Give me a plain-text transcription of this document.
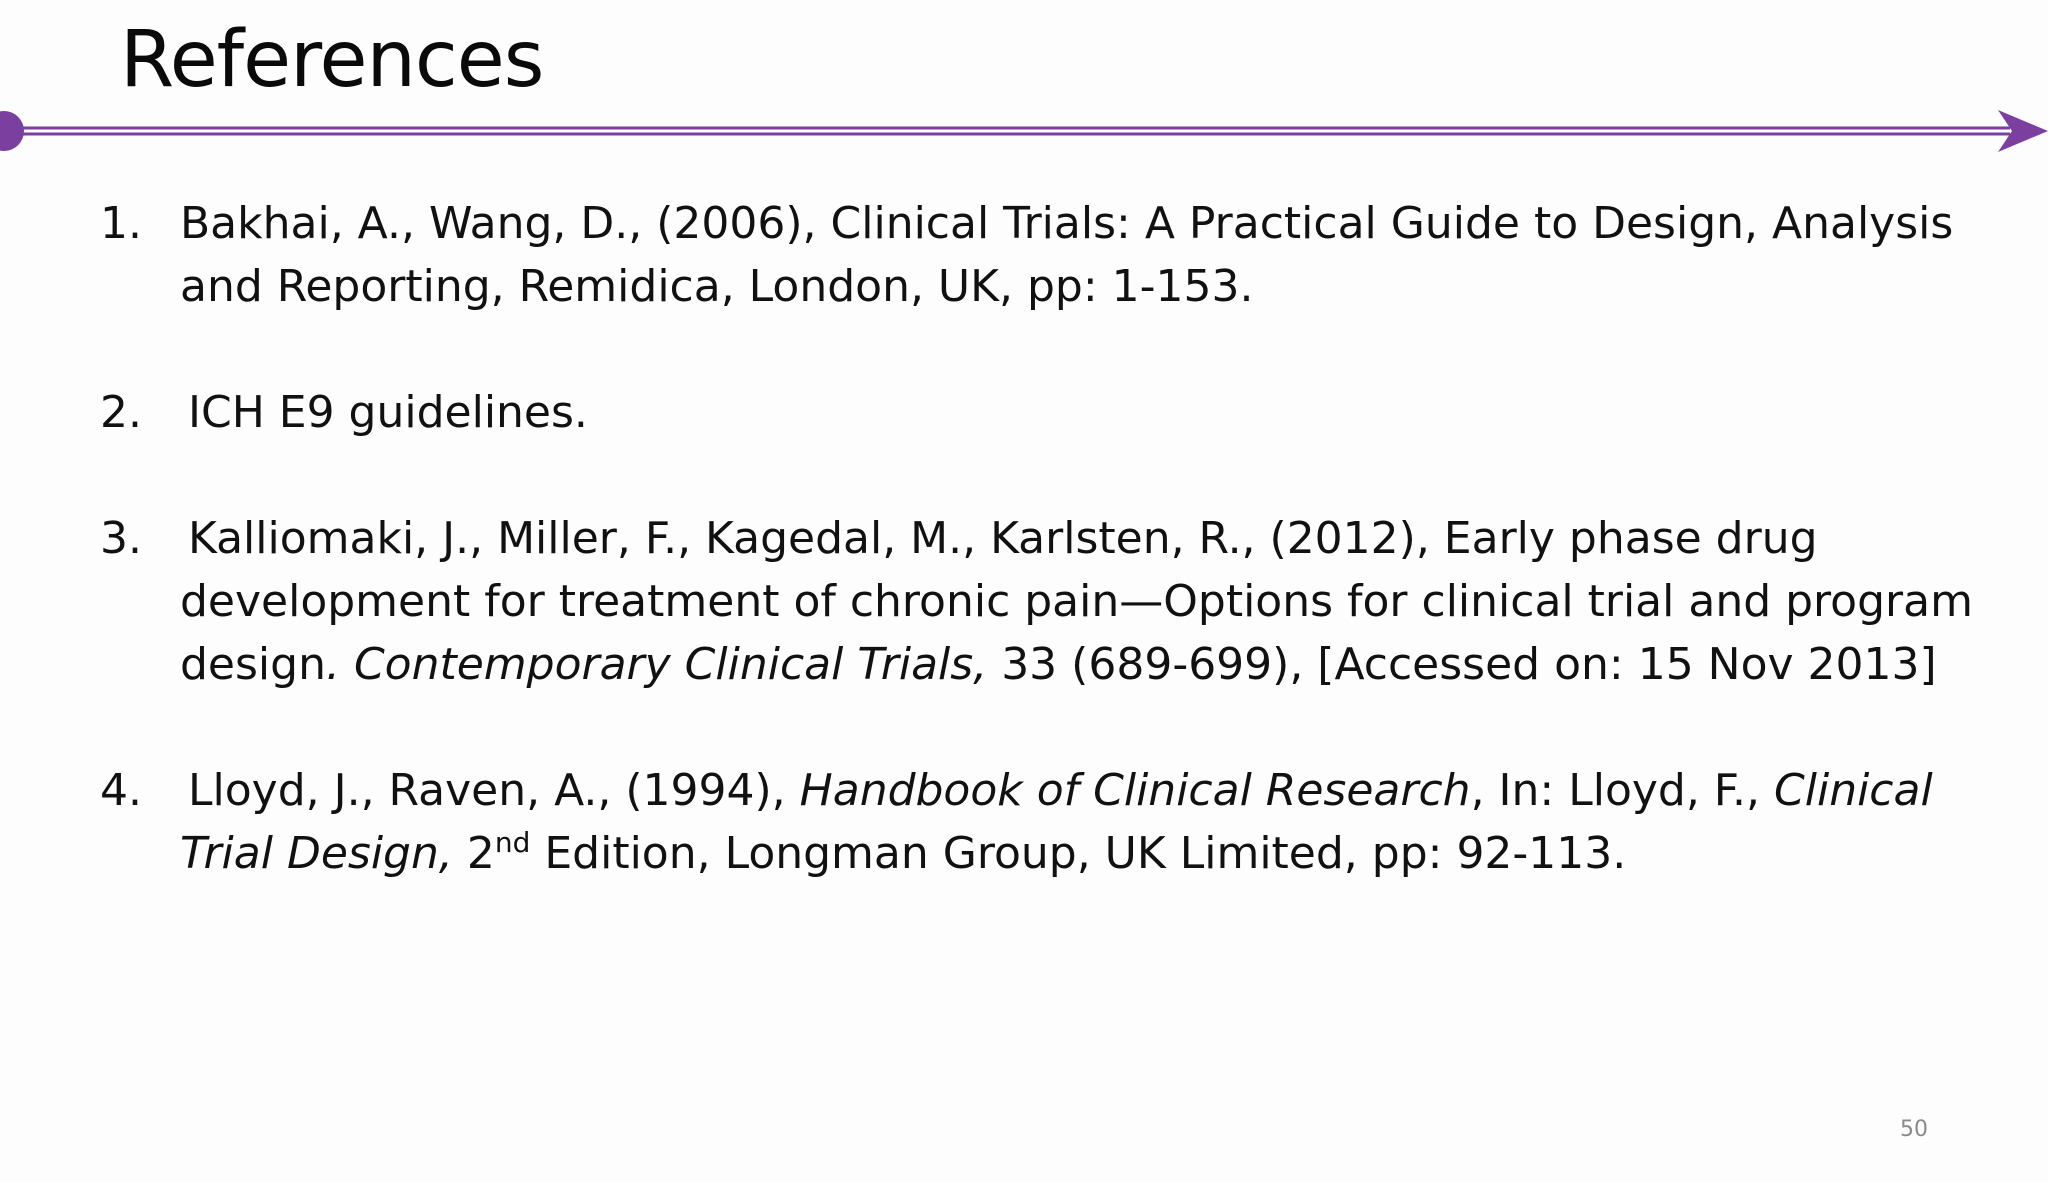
References
1. Bakhai, A., Wang, D., (2006), Clinical Trials: A Practical Guide to Design, Analysis
and Reporting, Remidica, London, UK, pp: 1-153.
2.	ICH E9 guidelines.
3.	Kalliomaki, J., Miller, F., Kagedal, M., Karlsten, R., (2012), Early phase drug
development for treatment of chronic pain—Options for clinical trial and program
design. Contemporary Clinical Trials, 33 (689-699), [Accessed on: 15 Nov 2013]
4.	Lloyd, J., Raven, A., (1994), Handbook of Clinical Research, In: Lloyd, F., Clinical
Trial Design, 2nd Edition, Longman Group, UK Limited, pp: 92-113.
50
